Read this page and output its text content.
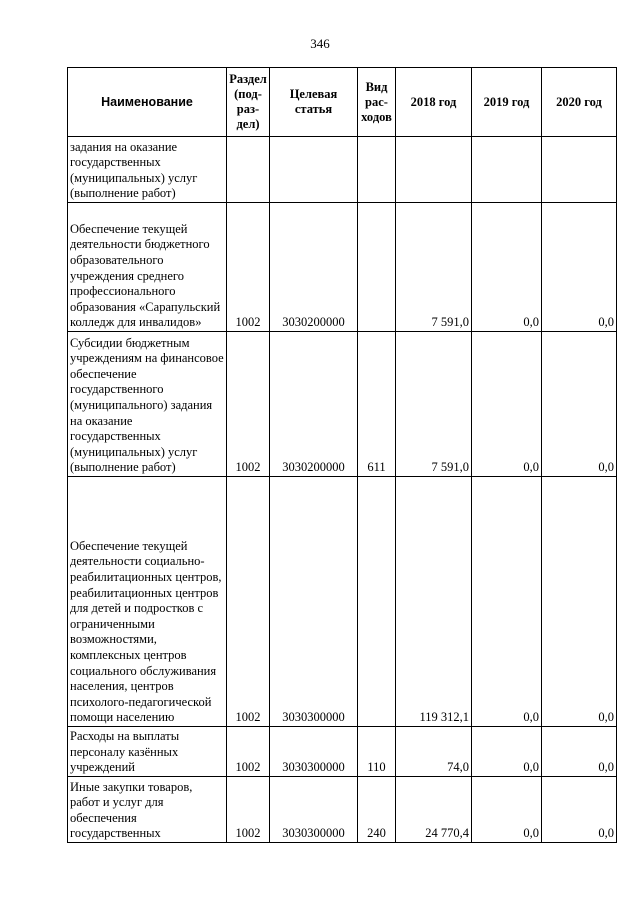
346
Наименование	Раздел (под-раз-дел)	Целевая статья	Вид рас-ходов	2018 год	2019 год	2020 год
задания на оказание государственных (муниципальных) услуг (выполнение работ)						
Обеспечение текущей деятельности бюджетного образовательного учреждения среднего профессионального образования «Сарапульский колледж для инвалидов»	1002	3030200000		7 591,0	0,0	0,0
Субсидии бюджетным учреждениям на финансовое обеспечение государственного (муниципального) задания на оказание государственных (муниципальных) услуг (выполнение работ)	1002	3030200000	611	7 591,0	0,0	0,0
Обеспечение текущей деятельности социально-реабилитационных центров, реабилитационных центров для детей и подростков с ограниченными возможностями, комплексных центров социального обслуживания населения, центров психолого-педагогической помощи населению	1002	3030300000		119 312,1	0,0	0,0
Расходы на выплаты персоналу казённых учреждений	1002	3030300000	110	74,0	0,0	0,0
Иные закупки товаров, работ и услуг для обеспечения государственных	1002	3030300000	240	24 770,4	0,0	0,0
